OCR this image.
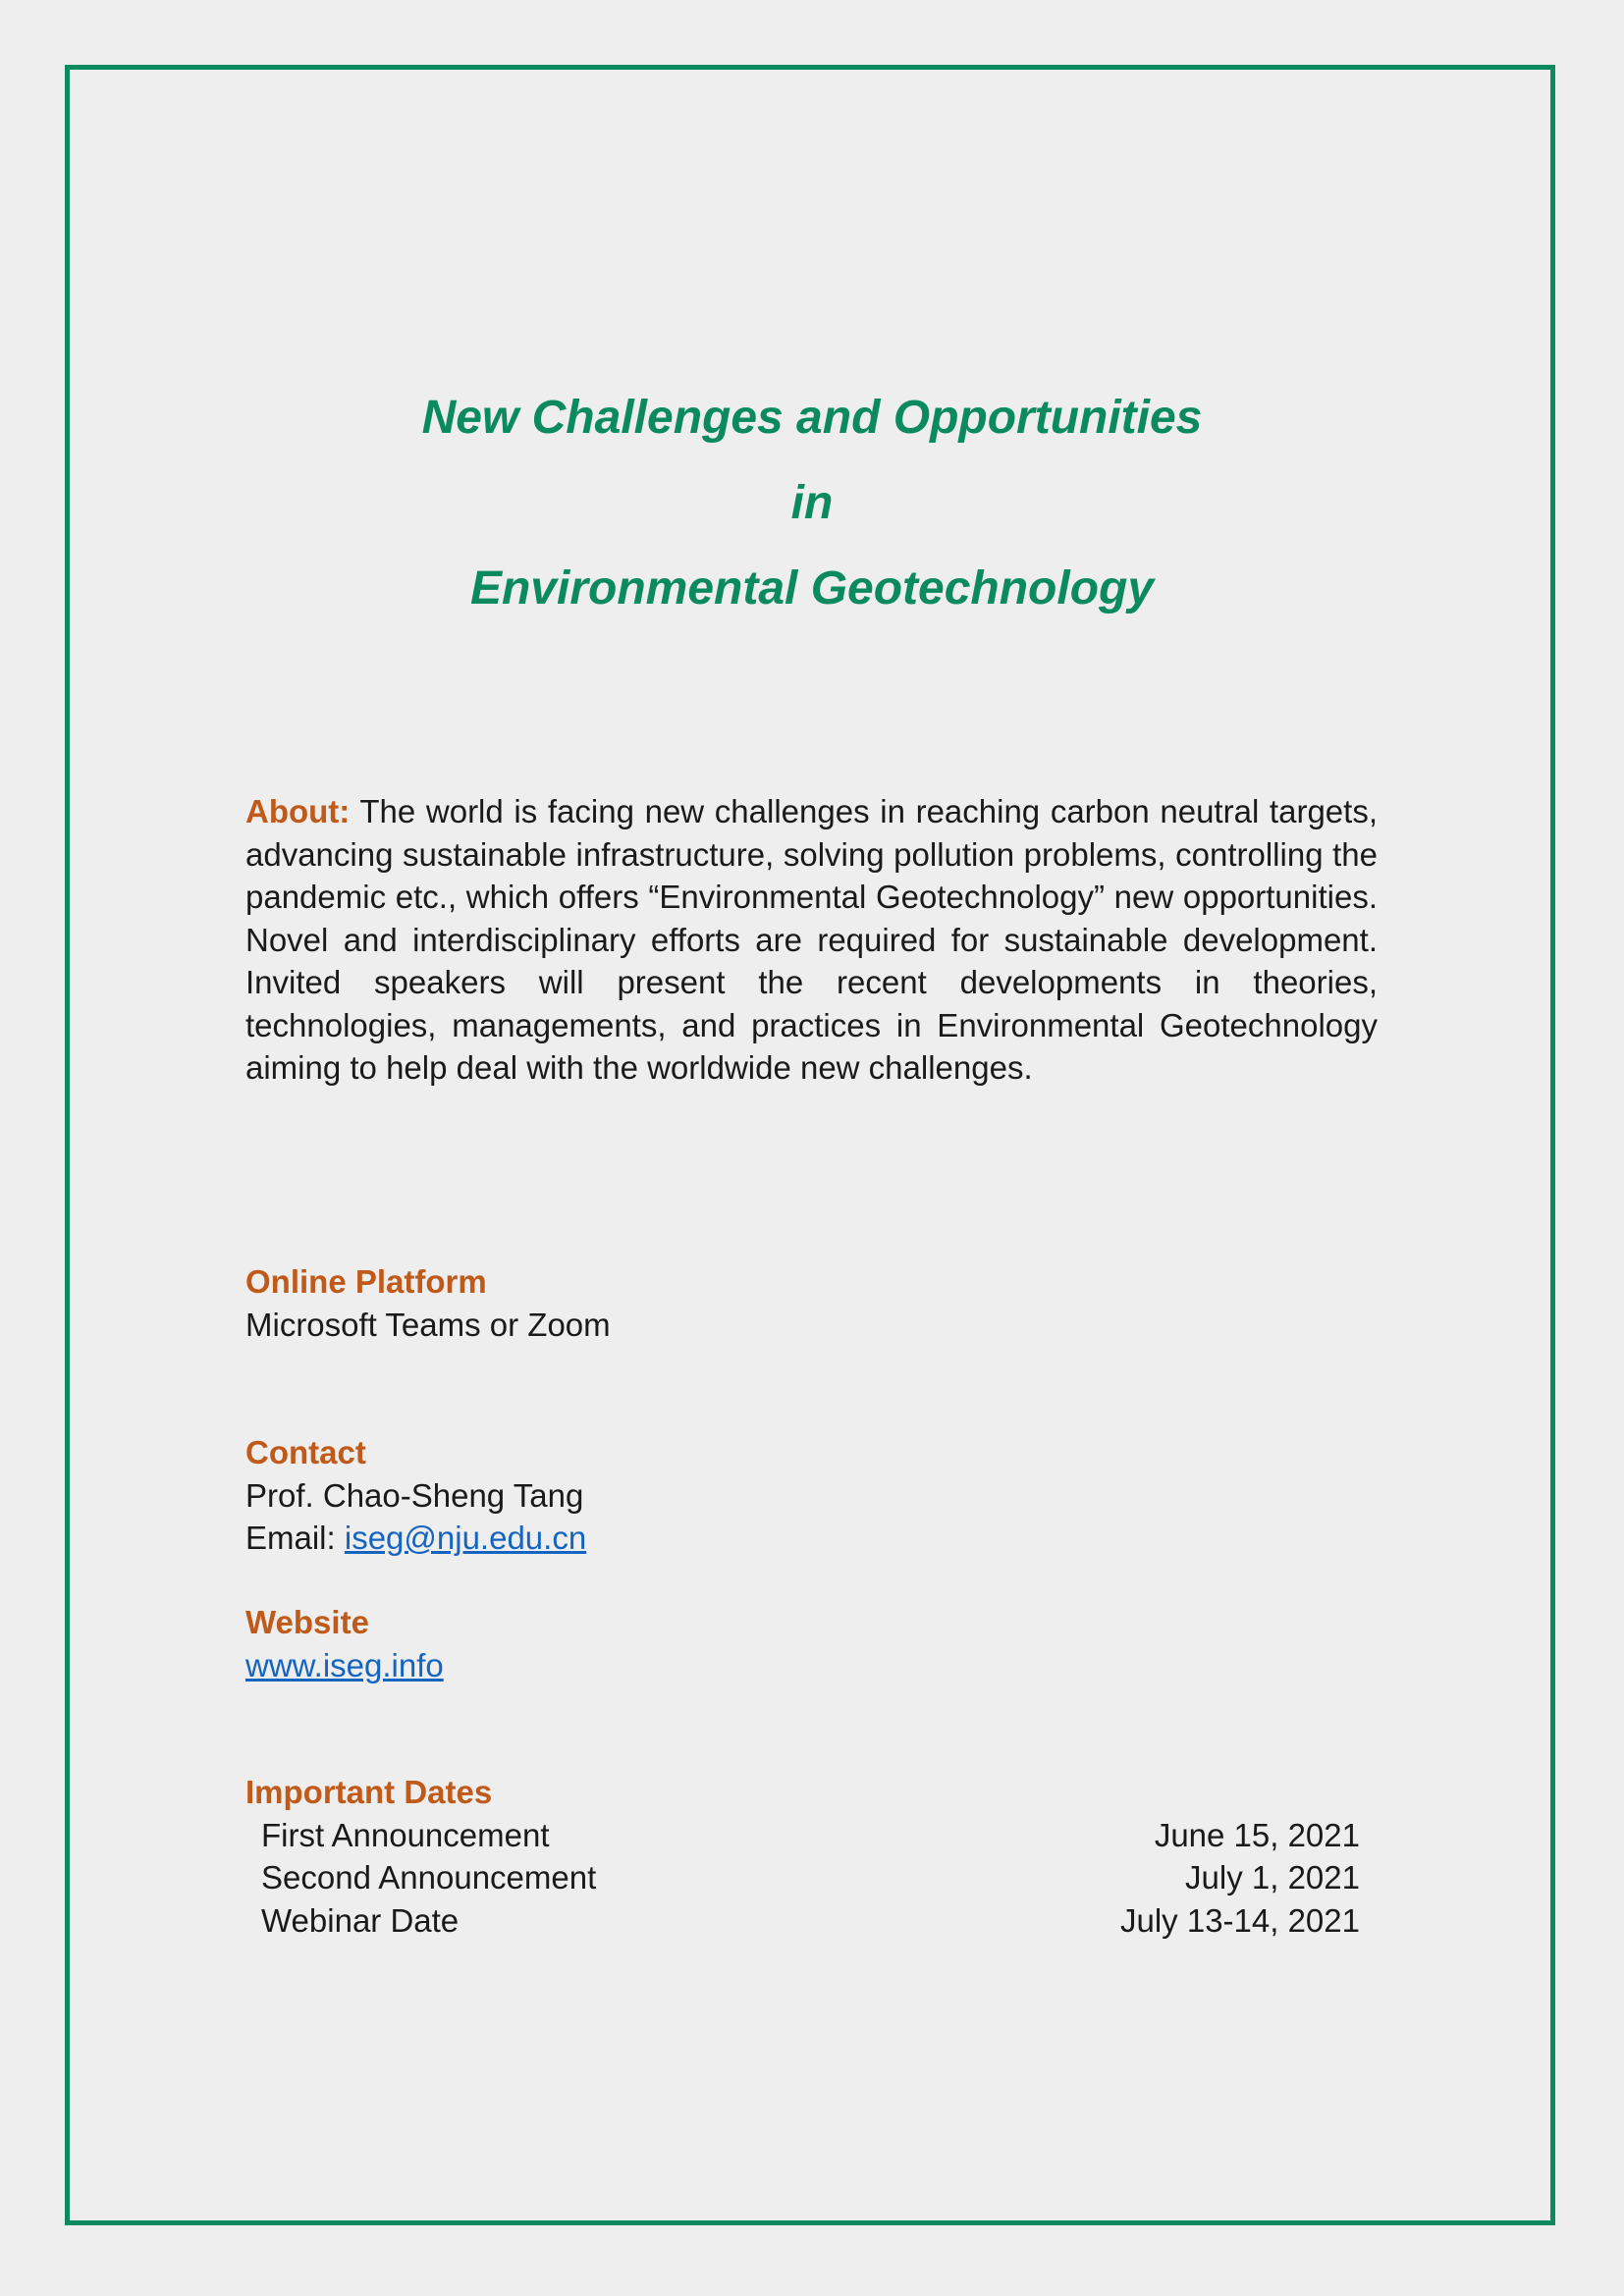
New Challenges and Opportunities
in
Environmental Geotechnology
About: The world is facing new challenges in reaching carbon neutral targets, advancing sustainable infrastructure, solving pollution problems, controlling the pandemic etc., which offers “Environmental Geotechnology” new opportunities. Novel and interdisciplinary efforts are required for sustainable development. Invited speakers will present the recent developments in theories, technologies, managements, and practices in Environmental Geotechnology aiming to help deal with the worldwide new challenges.
Online Platform
Microsoft Teams or Zoom
Contact
Prof. Chao-Sheng Tang
Email: iseg@nju.edu.cn
Website
www.iseg.info
Important Dates
First Announcement	June 15, 2021
Second Announcement	July 1, 2021
Webinar Date	July 13-14, 2021
